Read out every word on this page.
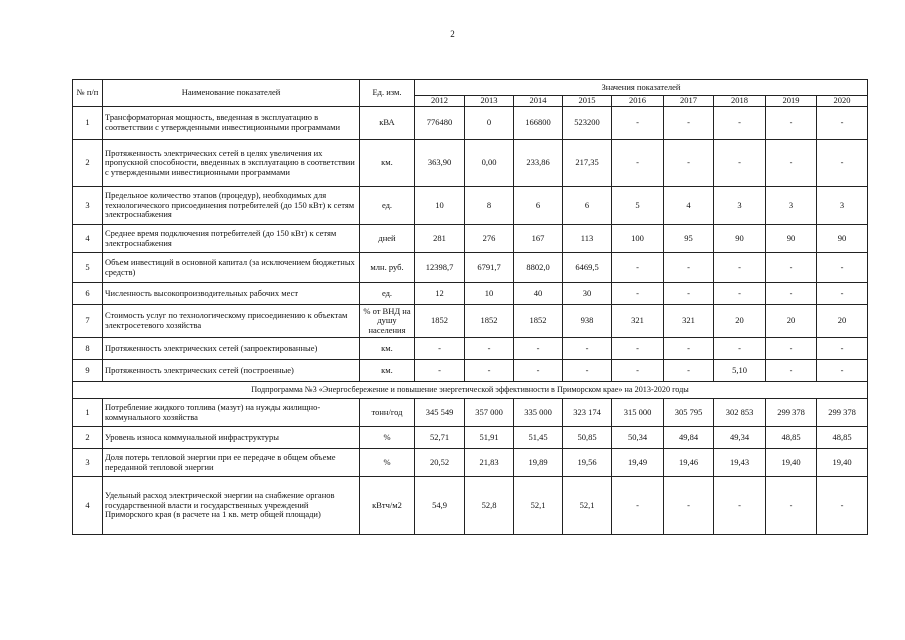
2
№ п/п	Наименование показателей	Ед. изм.	Значения показателей								
			2012	2013	2014	2015	2016	2017	2018	2019	2020
1	Трансформаторная мощность, введенная в эксплуатацию в соответствии с утвержденными инвестиционными программами	кВА	776480	0	166800	523200	-	-	-	-	-
2	Протяженность электрических сетей в целях увеличения их пропускной способности, введенных в эксплуатацию в соответствии с утвержденными инвестиционными программами	км.	363,90	0,00	233,86	217,35	-	-	-	-	-
3	Предельное количество этапов (процедур), необходимых для технологического присоединения потребителей (до 150 кВт) к сетям электроснабжения	ед.	10	8	6	6	5	4	3	3	3
4	Среднее время подключения потребителей (до 150 кВт) к сетям электроснабжения	дней	281	276	167	113	100	95	90	90	90
5	Объем инвестиций в основной капитал (за исключением бюджетных средств)	млн. руб.	12398,7	6791,7	8802,0	6469,5	-	-	-	-	-
6	Численность высокопроизводительных рабочих мест	ед.	12	10	40	30	-	-	-	-	-
7	Стоимость услуг по технологическому присоединению к объектам электросетевого хозяйства	% от ВНД на душу населения	1852	1852	1852	938	321	321	20	20	20
8	Протяженность электрических сетей (запроектированные)	км.	-	-	-	-	-	-	-	-	-
9	Протяженность электрических сетей (построенные)	км.	-	-	-	-	-	-	5,10	-	-
Подпрограмма №3 «Энергосбережение и повышение энергетической эффективности в Приморском крае» на 2013-2020 годы											
1	Потребление жидкого топлива (мазут) на нужды жилищно-коммунального хозяйства	тонн/год	345 549	357 000	335 000	323 174	315 000	305 795	302 853	299 378	299 378
2	Уровень износа коммунальной инфраструктуры	%	52,71	51,91	51,45	50,85	50,34	49,84	49,34	48,85	48,85
3	Доля потерь тепловой энергии при ее передаче в общем объеме переданной тепловой энергии	%	20,52	21,83	19,89	19,56	19,49	19,46	19,43	19,40	19,40
4	Удельный расход электрической энергии на снабжение органов государственной власти и государственных учреждений Приморского края (в расчете на 1 кв. метр общей площади)	кВтч/м2	54,9	52,8	52,1	52,1	-	-	-	-	-
